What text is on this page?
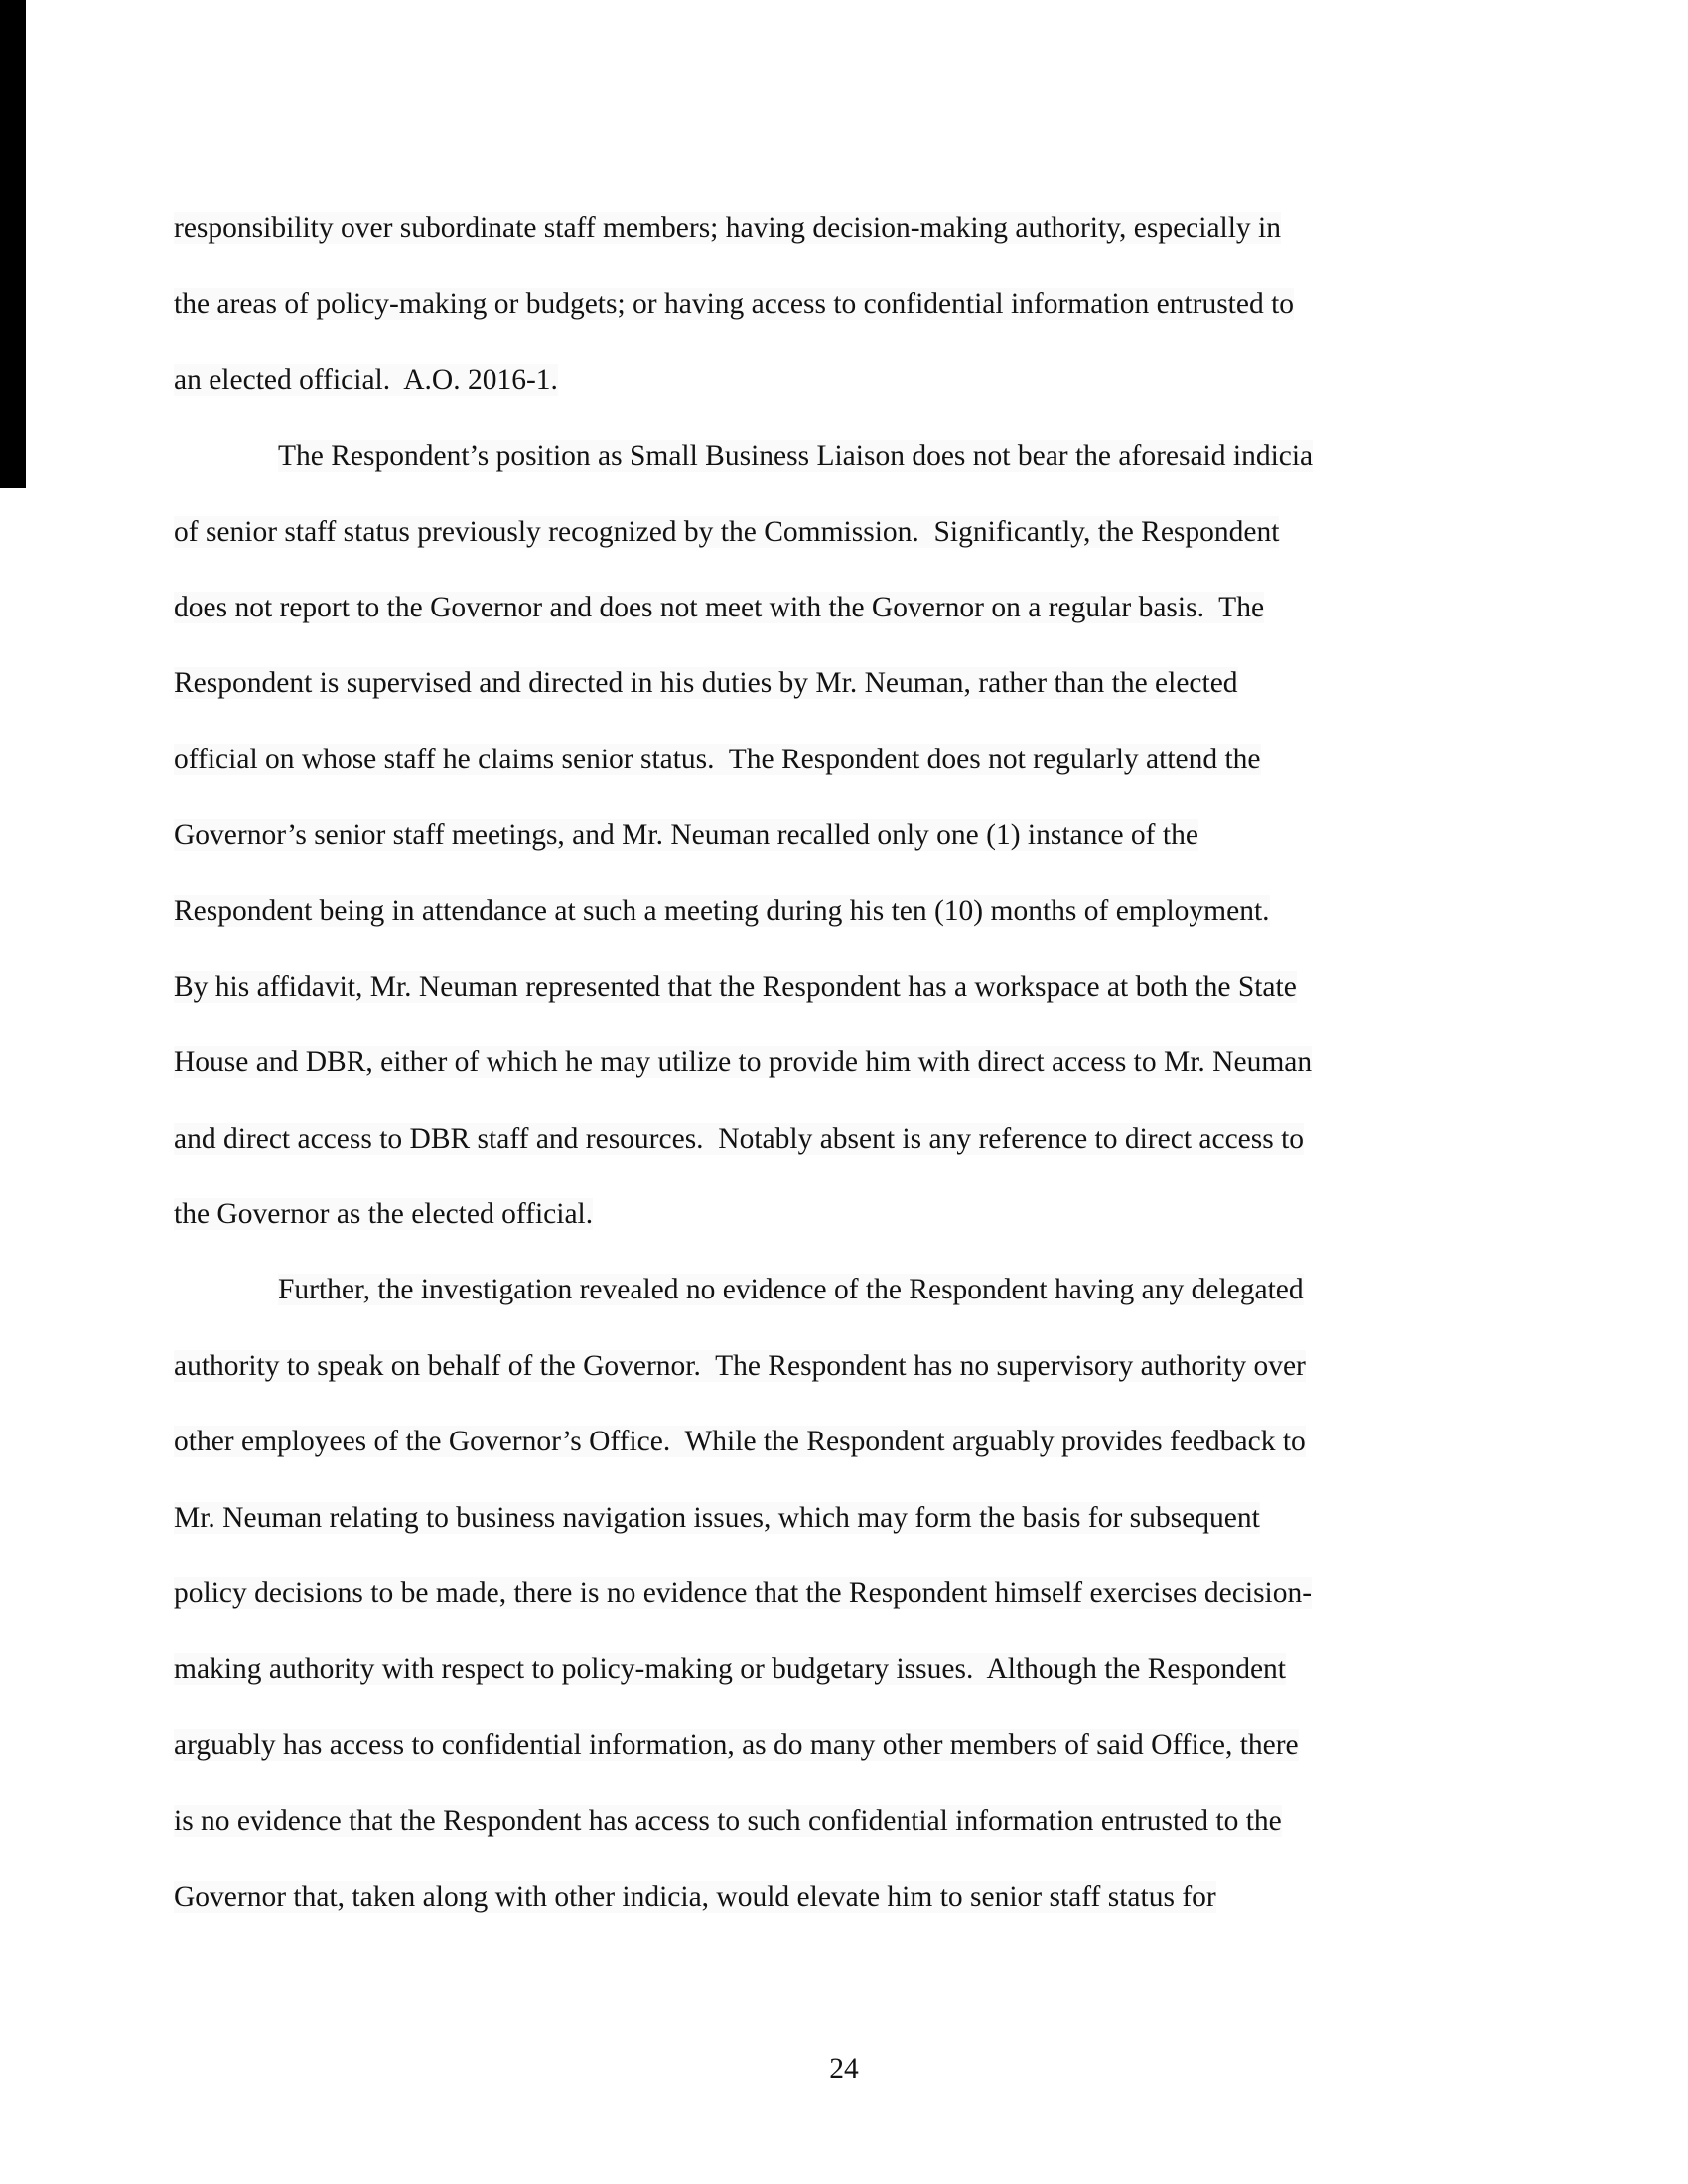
responsibility over subordinate staff members; having decision-making authority, especially in
the areas of policy-making or budgets; or having access to confidential information entrusted to
an elected official.  A.O. 2016-1.
The Respondent’s position as Small Business Liaison does not bear the aforesaid indicia
of senior staff status previously recognized by the Commission.  Significantly, the Respondent
does not report to the Governor and does not meet with the Governor on a regular basis.  The
Respondent is supervised and directed in his duties by Mr. Neuman, rather than the elected
official on whose staff he claims senior status.  The Respondent does not regularly attend the
Governor’s senior staff meetings, and Mr. Neuman recalled only one (1) instance of the
Respondent being in attendance at such a meeting during his ten (10) months of employment.
By his affidavit, Mr. Neuman represented that the Respondent has a workspace at both the State
House and DBR, either of which he may utilize to provide him with direct access to Mr. Neuman
and direct access to DBR staff and resources.  Notably absent is any reference to direct access to
the Governor as the elected official.
Further, the investigation revealed no evidence of the Respondent having any delegated
authority to speak on behalf of the Governor.  The Respondent has no supervisory authority over
other employees of the Governor’s Office.  While the Respondent arguably provides feedback to
Mr. Neuman relating to business navigation issues, which may form the basis for subsequent
policy decisions to be made, there is no evidence that the Respondent himself exercises decision-
making authority with respect to policy-making or budgetary issues.  Although the Respondent
arguably has access to confidential information, as do many other members of said Office, there
is no evidence that the Respondent has access to such confidential information entrusted to the
Governor that, taken along with other indicia, would elevate him to senior staff status for
24
